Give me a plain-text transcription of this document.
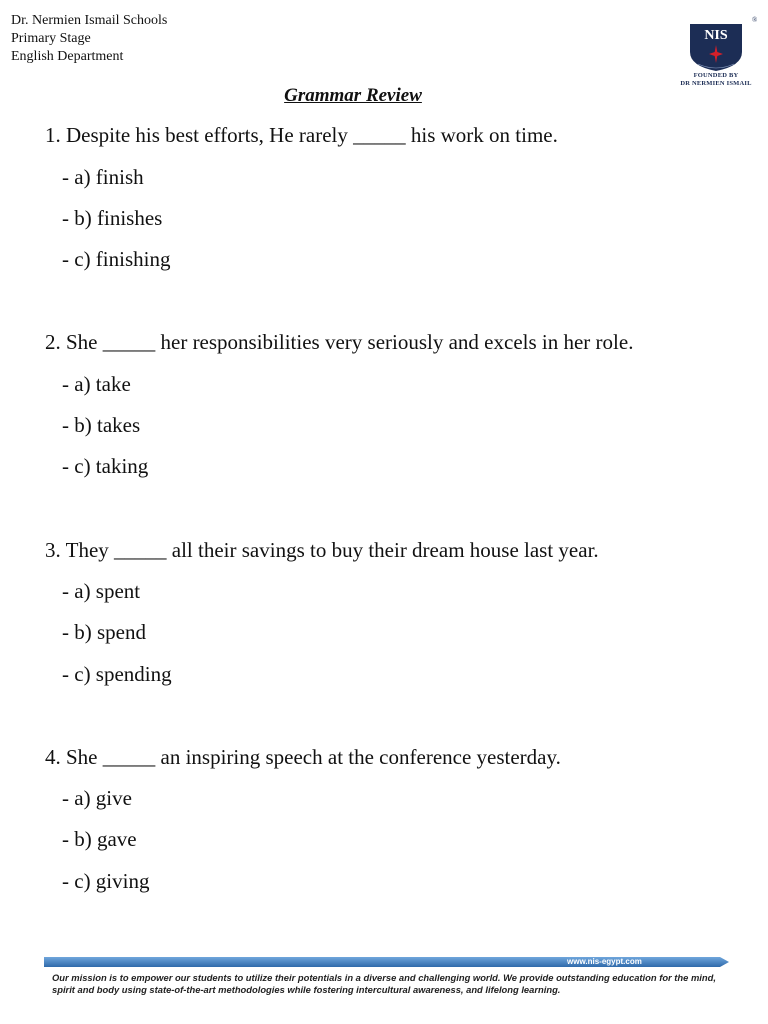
Dr. Nermien Ismail Schools
Primary Stage
English Department
NIS
®
FOUNDED BY
DR NERMIEN ISMAIL
Grammar Review
1. Despite his best efforts, He rarely _____ his work on time.
- a) finish
- b) finishes
- c) finishing
2. She _____ her responsibilities very seriously and excels in her role.
- a) take
- b) takes
- c) taking
3. They _____ all their savings to buy their dream house last year.
- a) spent
- b) spend
- c) spending
4. She _____ an inspiring speech at the conference yesterday.
- a) give
- b) gave
- c) giving
www.nis-egypt.com
Our mission is to empower our students to utilize their potentials in a diverse and challenging world. We provide outstanding education for the mind, spirit and body using state-of-the-art methodologies while fostering intercultural awareness, and lifelong learning.
